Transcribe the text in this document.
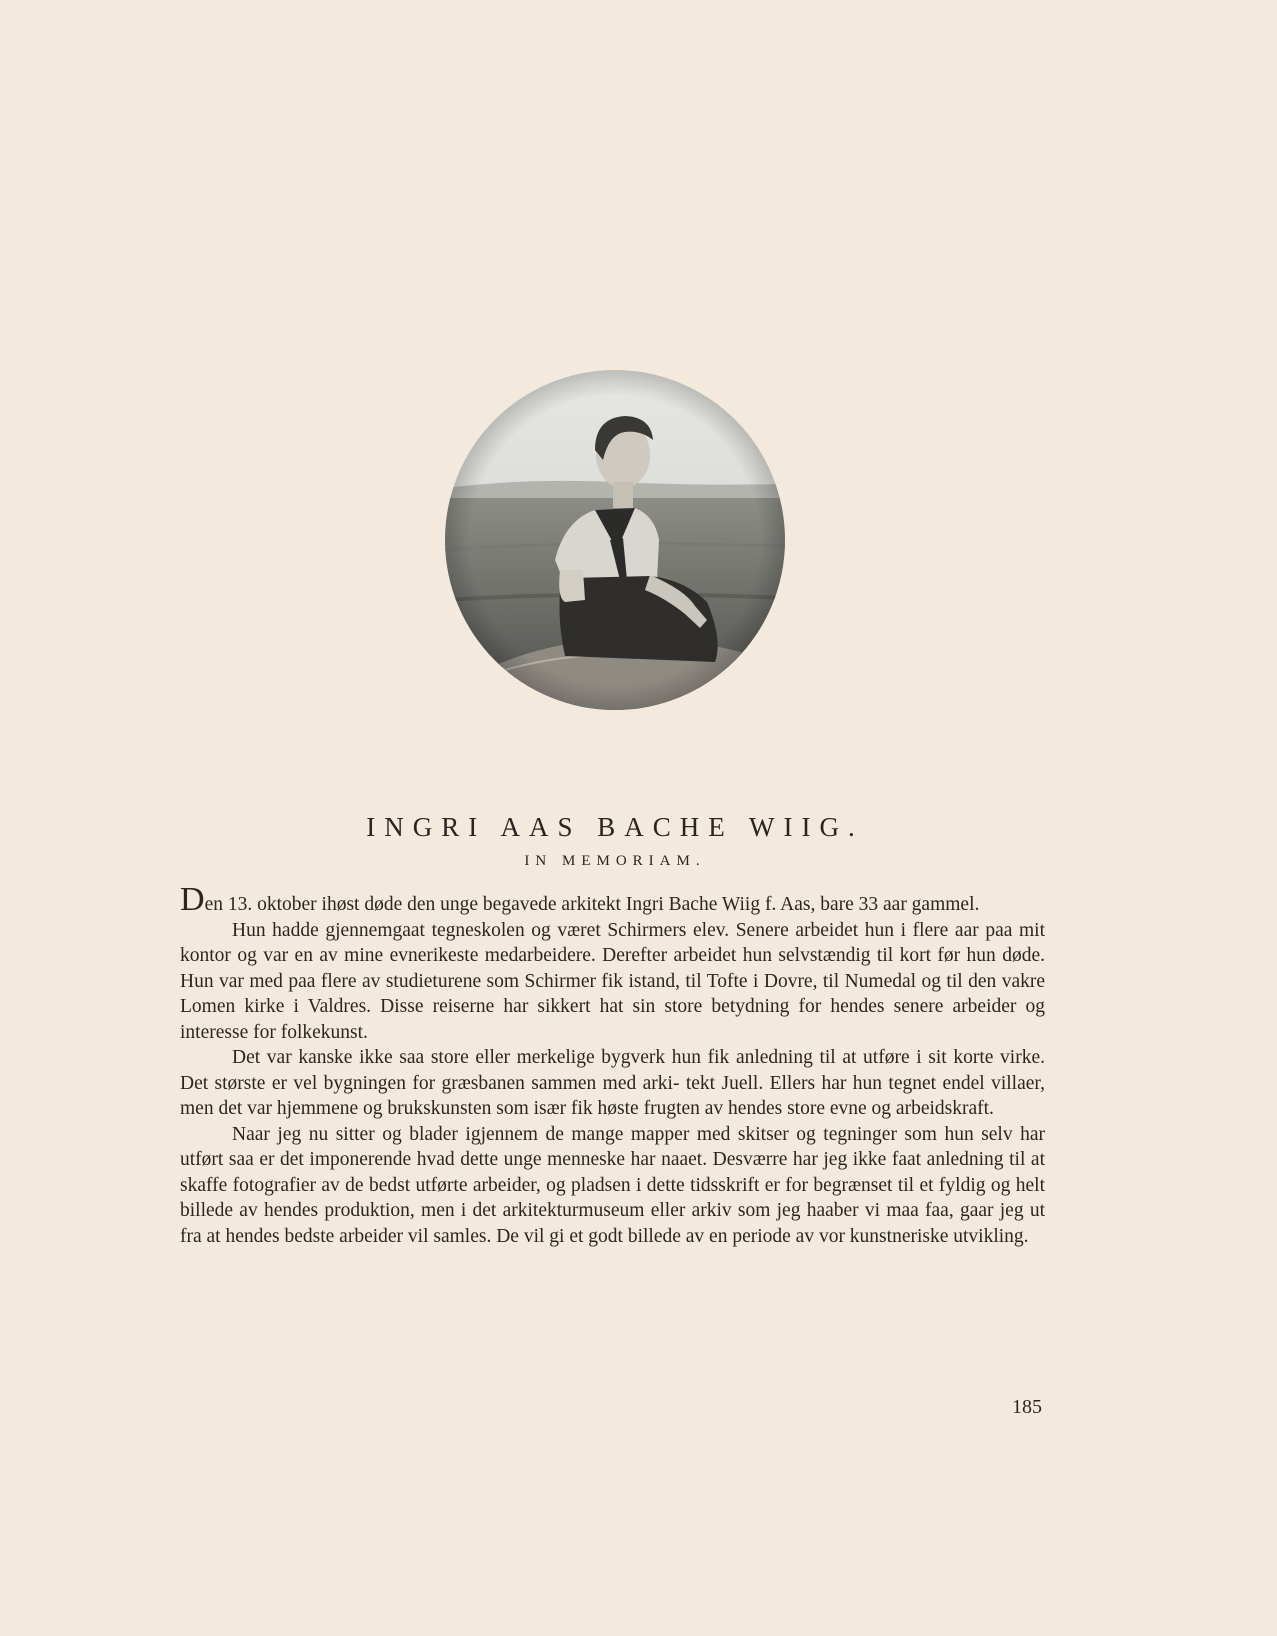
INGRI AAS BACHE WIIG.
IN MEMORIAM.

Den 13. oktober ihøst døde den unge begavede arkitekt Ingri Bache Wiig f. Aas, bare 33 aar gammel.

Hun hadde gjennemgaat tegneskolen og været Schirmers elev. Senere arbeidet hun i flere aar paa mit kontor og var en av mine evnerikeste medarbeidere. Derefter arbeidet hun selvstændig til kort før hun døde. Hun var med paa flere av studieturene som Schirmer fik istand, til Tofte i Dovre, til Numedal og til den vakre Lomen kirke i Valdres. Disse reiserne har sikkert hat sin store betydning for hendes senere arbeider og interesse for folkekunst.

Det var kanske ikke saa store eller merkelige bygverk hun fik anledning til at utføre i sit korte virke. Det største er vel bygningen for græsbanen sammen med arki- tekt Juell. Ellers har hun tegnet endel villaer, men det var hjemmene og brukskunsten som især fik høste frugten av hendes store evne og arbeidskraft.

Naar jeg nu sitter og blader igjennem de mange mapper med skitser og tegninger som hun selv har utført saa er det imponerende hvad dette unge menneske har naaet. Desværre har jeg ikke faat anledning til at skaffe fotografier av de bedst utførte arbeider, og pladsen i dette tidsskrift er for begrænset til et fyldig og helt billede av hendes produktion, men i det arkitekturmuseum eller arkiv som jeg haaber vi maa faa, gaar jeg ut fra at hendes bedste arbeider vil samles. De vil gi et godt billede av en periode av vor kunstneriske utvikling.

185
